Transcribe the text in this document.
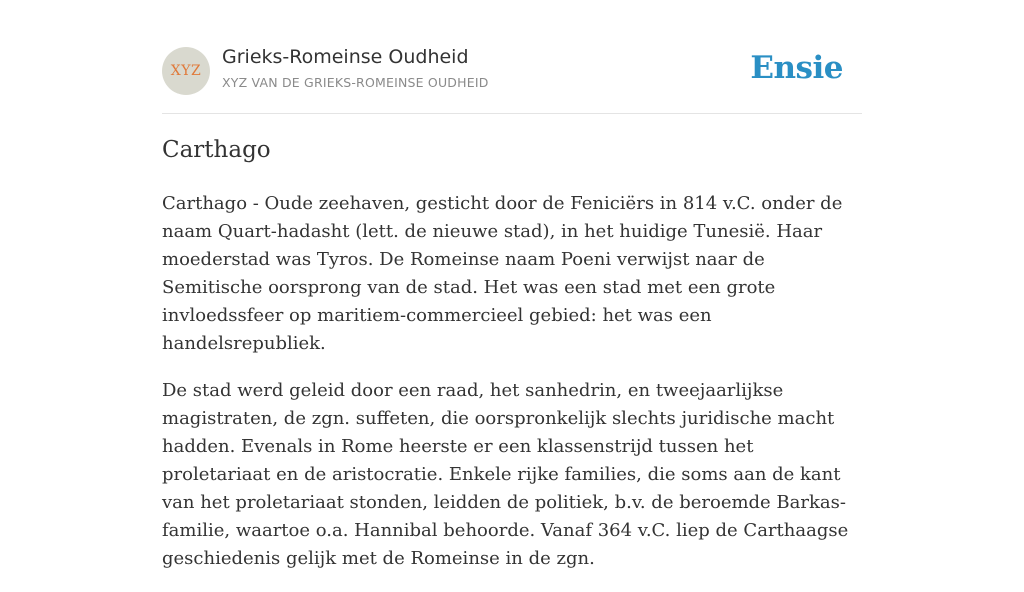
XYZ
Grieks-Romeinse Oudheid
XYZ VAN DE GRIEKS-ROMEINSE OUDHEID	Ensie
Carthago

Carthago - Oude zeehaven, gesticht door de Feniciërs in 814 v.C. onder de naam Quart-hadasht (lett. de nieuwe stad), in het huidige Tunesië. Haar moederstad was Tyros. De Romeinse naam Poeni verwijst naar de Semitische oorsprong van de stad. Het was een stad met een grote invloedssfeer op maritiem-commercieel gebied: het was een handelsrepubliek.

De stad werd geleid door een raad, het sanhedrin, en tweejaarlijkse magistraten, de zgn. suffeten, die oorspronkelijk slechts juridische macht hadden. Evenals in Rome heerste er een klassenstrijd tussen het proletariaat en de aristocratie. Enkele rijke families, die soms aan de kant van het proletariaat stonden, leidden de politiek, b.v. de beroemde Barkas-familie, waartoe o.a. Hannibal behoorde. Vanaf 364 v.C. liep de Carthaagse geschiedenis gelijk met de Romeinse in de zgn.
